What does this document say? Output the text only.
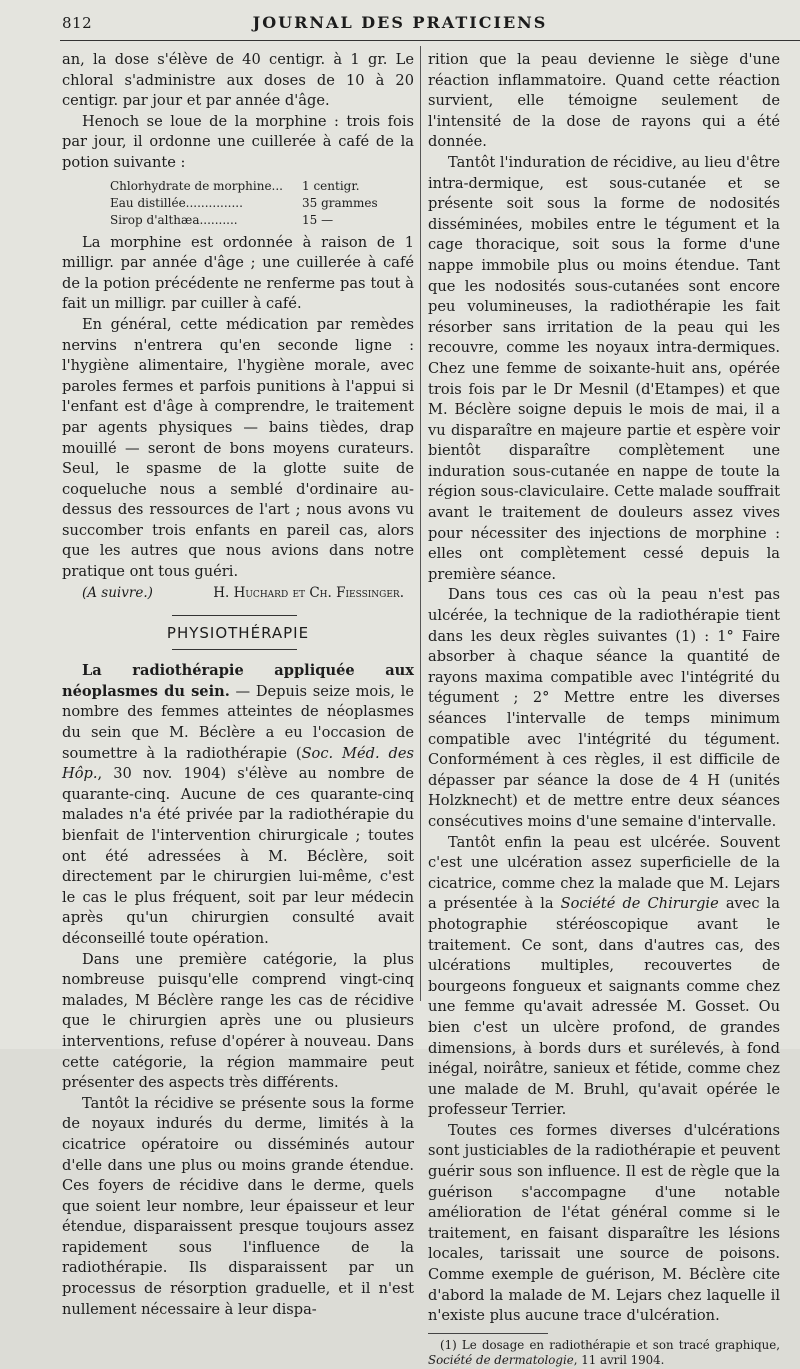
812	JOURNAL DES PRATICIENS

an, la dose s'élève de 40 centigr. à 1 gr. Le chloral s'administre aux doses de 10 à 20 centigr. par jour et par année d'âge.

Henoch se loue de la morphine : trois fois par jour, il ordonne une cuillerée à café de la potion suivante :

Chlorhydrate de morphine...	1 centigr.
Eau distillée...............	35 grammes
Sirop d'althæa..........	15 —

La morphine est ordonnée à raison de 1 milligr. par année d'âge ; une cuillerée à café de la potion précédente ne renferme pas tout à fait un milligr. par cuiller à café.

En général, cette médication par remèdes nervins n'entrera qu'en seconde ligne : l'hygiène alimentaire, l'hygiène morale, avec paroles fermes et parfois punitions à l'appui si l'enfant est d'âge à comprendre, le traitement par agents physiques — bains tièdes, drap mouillé — seront de bons moyens curateurs. Seul, le spasme de la glotte suite de coqueluche nous a semblé d'ordinaire au-dessus des ressources de l'art ; nous avons vu succomber trois enfants en pareil cas, alors que les autres que nous avions dans notre pratique ont tous guéri.

(A suivre.)	H. Huchard et Ch. Fiessinger.
PHYSIOTHÉRAPIE

La radiothérapie appliquée aux néoplasmes du sein. — Depuis seize mois, le nombre des femmes atteintes de néoplasmes du sein que M. Béclère a eu l'occasion de soumettre à la radiothérapie (Soc. Méd. des Hôp., 30 nov. 1904) s'élève au nombre de quarante-cinq. Aucune de ces quarante-cinq malades n'a été privée par la radiothérapie du bienfait de l'intervention chirurgicale ; toutes ont été adressées à M. Béclère, soit directement par le chirurgien lui-même, c'est le cas le plus fréquent, soit par leur médecin après qu'un chirurgien consulté avait déconseillé toute opération.

Dans une première catégorie, la plus nombreuse puisqu'elle comprend vingt-cinq malades, M Béclère range les cas de récidive que le chirurgien après une ou plusieurs interventions, refuse d'opérer à nouveau. Dans cette catégorie, la région mammaire peut présenter des aspects très différents.

Tantôt la récidive se présente sous la forme de noyaux indurés du derme, limités à la cicatrice opératoire ou disséminés autour d'elle dans une plus ou moins grande étendue. Ces foyers de récidive dans le derme, quels que soient leur nombre, leur épaisseur et leur étendue, disparaissent presque toujours assez rapidement sous l'influence de la radiothérapie. Ils disparaissent par un processus de résorption graduelle, et il n'est nullement nécessaire à leur dispa-

rition que la peau devienne le siège d'une réaction inflammatoire. Quand cette réaction survient, elle témoigne seulement de l'intensité de la dose de rayons qui a été donnée.

Tantôt l'induration de récidive, au lieu d'être intra-dermique, est sous-cutanée et se présente soit sous la forme de nodosités disséminées, mobiles entre le tégument et la cage thoracique, soit sous la forme d'une nappe immobile plus ou moins étendue. Tant que les nodosités sous-cutanées sont encore peu volumineuses, la radiothérapie les fait résorber sans irritation de la peau qui les recouvre, comme les noyaux intra-dermiques. Chez une femme de soixante-huit ans, opérée trois fois par le Dr Mesnil (d'Etampes) et que M. Béclère soigne depuis le mois de mai, il a vu disparaître en majeure partie et espère voir bientôt disparaître complètement une induration sous-cutanée en nappe de toute la région sous-claviculaire. Cette malade souffrait avant le traitement de douleurs assez vives pour nécessiter des injections de morphine : elles ont complètement cessé depuis la première séance.

Dans tous ces cas où la peau n'est pas ulcérée, la technique de la radiothérapie tient dans les deux règles suivantes (1) : 1° Faire absorber à chaque séance la quantité de rayons maxima compatible avec l'intégrité du tégument ; 2° Mettre entre les diverses séances l'intervalle de temps minimum compatible avec l'intégrité du tégument. Conformément à ces règles, il est difficile de dépasser par séance la dose de 4 H (unités Holzknecht) et de mettre entre deux séances consécutives moins d'une semaine d'intervalle.

Tantôt enfin la peau est ulcérée. Souvent c'est une ulcération assez superficielle de la cicatrice, comme chez la malade que M. Lejars a présentée à la Société de Chirurgie avec la photographie stéréoscopique avant le traitement. Ce sont, dans d'autres cas, des ulcérations multiples, recouvertes de bourgeons fongueux et saignants comme chez une femme qu'avait adressée M. Gosset. Ou bien c'est un ulcère profond, de grandes dimensions, à bords durs et surélevés, à fond inégal, noirâtre, sanieux et fétide, comme chez une malade de M. Bruhl, qu'avait opérée le professeur Terrier.

Toutes ces formes diverses d'ulcérations sont justiciables de la radiothérapie et peuvent guérir sous son influence. Il est de règle que la guérison s'accompagne d'une notable amélioration de l'état général comme si le traitement, en faisant disparaître les lésions locales, tarissait une source de poisons. Comme exemple de guérison, M. Béclère cite d'abord la malade de M. Lejars chez laquelle il n'existe plus aucune trace d'ulcération.

(1) Le dosage en radiothérapie et son tracé graphique, Société de dermatologie, 11 avril 1904.
